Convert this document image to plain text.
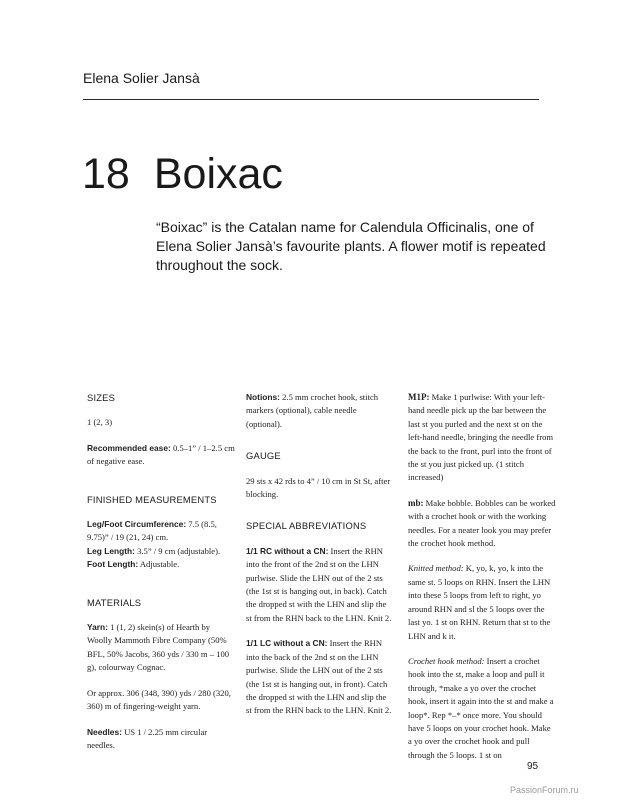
Elena Solier Jansà
18 Boixac
“Boixac” is the Catalan name for Calendula Officinalis, one of Elena Solier Jansà’s favourite plants. A flower motif is repeated throughout the sock.

SIZES

1 (2, 3)

Recommended ease: 0.5–1” / 1–2.5 cm of negative ease.

FINISHED MEASUREMENTS

Leg/Foot Circumference: 7.5 (8.5, 9.75)” / 19 (21, 24) cm.

Leg Length: 3.5” / 9 cm (adjustable).

Foot Length: Adjustable.

MATERIALS

Yarn: 1 (1, 2) skein(s) of Hearth by Woolly Mammoth Fibre Company (50% BFL, 50% Jacobs, 360 yds / 330 m – 100 g), colourway Cognac.

Or approx. 306 (348, 390) yds / 280 (320, 360) m of fingering-weight yarn.

Needles: US 1 / 2.25 mm circular needles.

Notions: 2.5 mm crochet hook, stitch markers (optional), cable needle (optional).

GAUGE

29 sts x 42 rds to 4” / 10 cm in St St, after blocking.

SPECIAL ABBREVIATIONS

1/1 RC without a CN: Insert the RHN into the front of the 2nd st on the LHN purlwise. Slide the LHN out of the 2 sts (the 1st st is hanging out, in back). Catch the dropped st with the LHN and slip the st from the RHN back to the LHN. Knit 2.

1/1 LC without a CN: Insert the RHN into the back of the 2nd st on the LHN purlwise. Slide the LHN out of the 2 sts (the 1st st is hanging out, in front). Catch the dropped st with the LHN and slip the st from the RHN back to the LHN. Knit 2.

M1P: Make 1 purlwise: With your left-hand needle pick up the bar between the last st you purled and the next st on the left-hand needle, bringing the needle from the back to the front, purl into the front of the st you just picked up. (1 stitch increased)

mb: Make bobble. Bobbles can be worked with a crochet hook or with the working needles. For a neater look you may prefer the crochet hook method.

Knitted method: K, yo, k, yo, k into the same st. 5 loops on RHN. Insert the LHN into these 5 loops from left to right, yo around RHN and sl the 5 loops over the last yo. 1 st on RHN. Return that st to the LHN and k it.

Crochet hook method: Insert a crochet hook into the st, make a loop and pull it through, *make a yo over the crochet hook, insert it again into the st and make a loop*. Rep *–* once more. You should have 5 loops on your crochet hook. Make a yo over the crochet hook and pull through the 5 loops. 1 st on

95
PassionForum.ru
